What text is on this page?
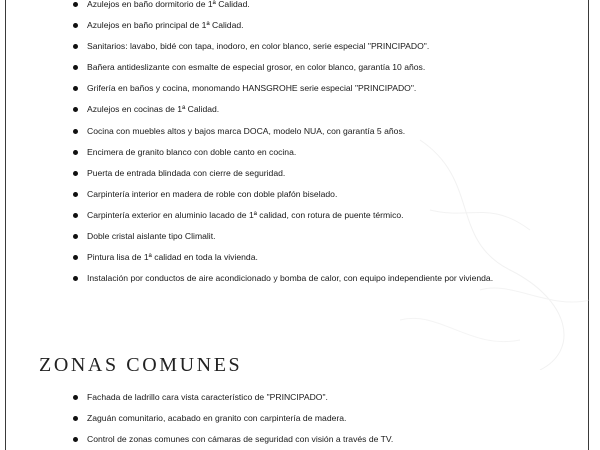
Azulejos en baño dormitorio de 1ª Calidad.
Azulejos en baño principal de 1ª Calidad.
Sanitarios: lavabo, bidé con tapa, inodoro, en color blanco, serie especial "PRINCIPADO".
Bañera antideslizante con esmalte de especial grosor, en color blanco, garantía 10 años.
Grifería en baños y cocina, monomando HANSGROHE serie especial "PRINCIPADO".
Azulejos en cocinas de 1ª Calidad.
Cocina con muebles altos y bajos marca DOCA, modelo NUA, con garantía 5 años.
Encimera de granito blanco con doble canto en cocina.
Puerta de entrada blindada con cierre de seguridad.
Carpintería interior en madera de roble con doble plafón biselado.
Carpintería exterior en aluminio lacado de 1ª calidad, con rotura de puente térmico.
Doble cristal aislante tipo Climalit.
Pintura lisa de 1ª calidad en toda la vivienda.
Instalación por conductos de aire acondicionado y bomba de calor, con equipo independiente por vivienda.
ZONAS COMUNES
Fachada de ladrillo cara vista característico de "PRINCIPADO".
Zaguán comunitario, acabado en granito con carpintería de madera.
Control de zonas comunes con cámaras de seguridad con visión a través de TV.
